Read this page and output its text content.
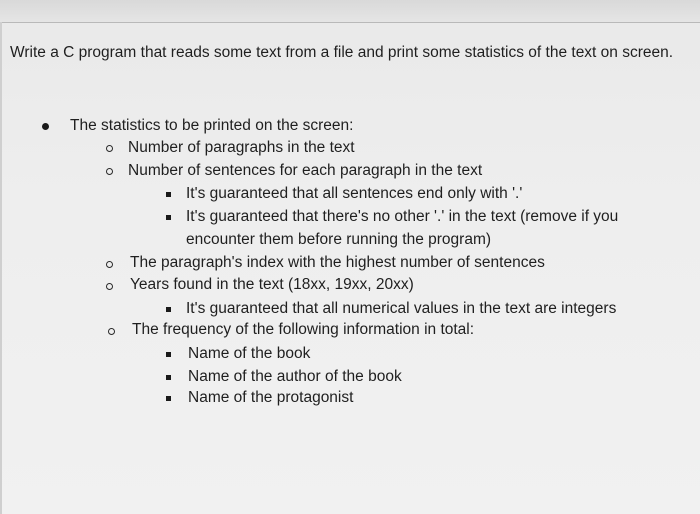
Write a C program that reads some text from a file and print some statistics of the text on screen.
The statistics to be printed on the screen:
Number of paragraphs in the text
Number of sentences for each paragraph in the text
It's guaranteed that all sentences end only with '.'
It's guaranteed that there's no other '.' in the text (remove if you
encounter them before running the program)
The paragraph's index with the highest number of sentences
Years found in the text (18xx, 19xx, 20xx)
It's guaranteed that all numerical values in the text are integers
The frequency of the following information in total:
Name of the book
Name of the author of the book
Name of the protagonist
